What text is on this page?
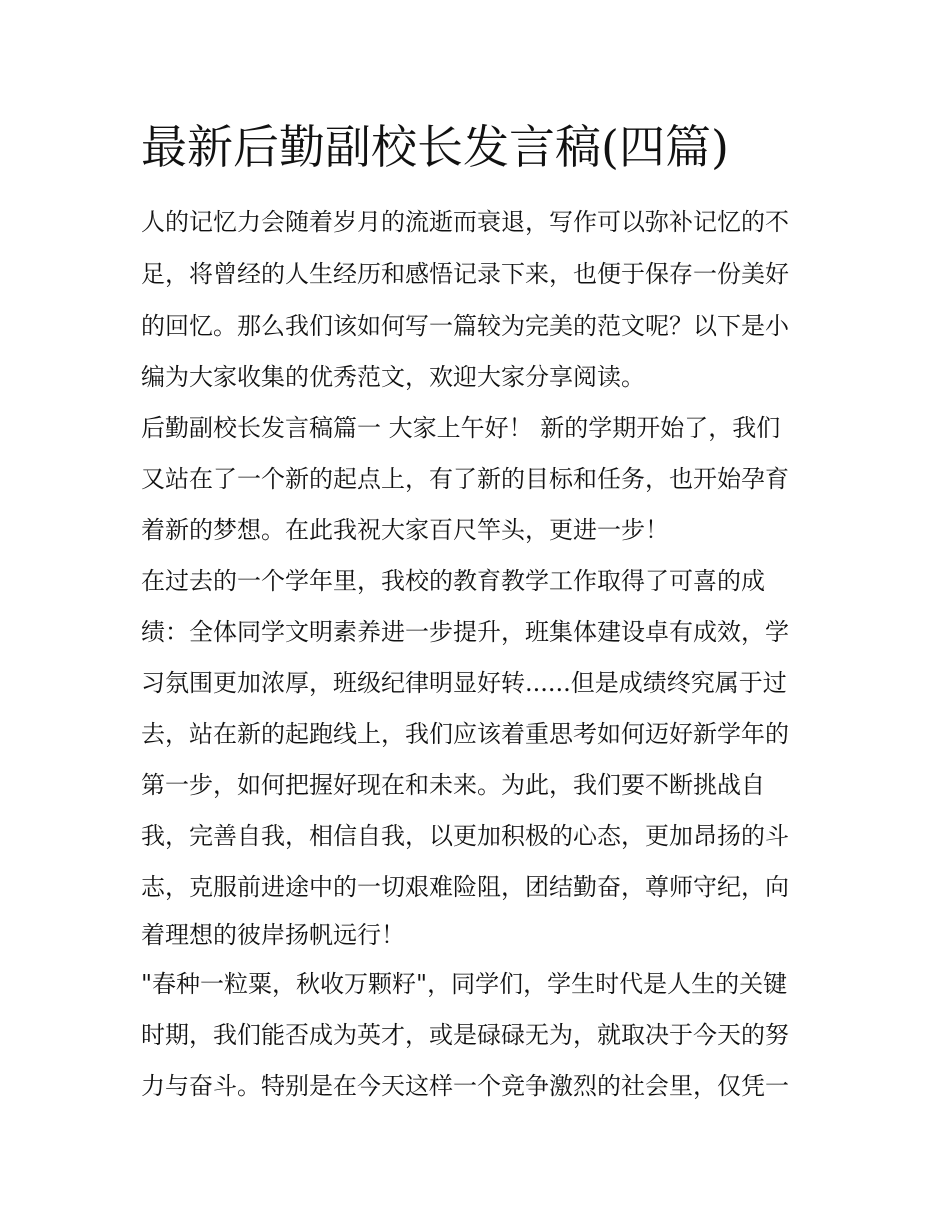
最新后勤副校长发言稿(四篇)

人的记忆力会随着岁月的流逝而衰退，写作可以弥补记忆的不

足，将曾经的人生经历和感悟记录下来，也便于保存一份美好

的回忆。那么我们该如何写一篇较为完美的范文呢？以下是小

编为大家收集的优秀范文，欢迎大家分享阅读。

后勤副校长发言稿篇一 大家上午好！ 新的学期开始了，我们

又站在了一个新的起点上，有了新的目标和任务，也开始孕育

着新的梦想。在此我祝大家百尺竿头，更进一步！

在过去的一个学年里，我校的教育教学工作取得了可喜的成

绩：全体同学文明素养进一步提升，班集体建设卓有成效，学

习氛围更加浓厚，班级纪律明显好转......但是成绩终究属于过

去，站在新的起跑线上，我们应该着重思考如何迈好新学年的

第一步，如何把握好现在和未来。为此，我们要不断挑战自

我，完善自我，相信自我，以更加积极的心态，更加昂扬的斗

志，克服前进途中的一切艰难险阻，团结勤奋，尊师守纪，向

着理想的彼岸扬帆远行！

"春种一粒粟，秋收万颗籽"，同学们，学生时代是人生的关键

时期，我们能否成为英才，或是碌碌无为，就取决于今天的努

力与奋斗。特别是在今天这样一个竞争激烈的社会里，仅凭一
